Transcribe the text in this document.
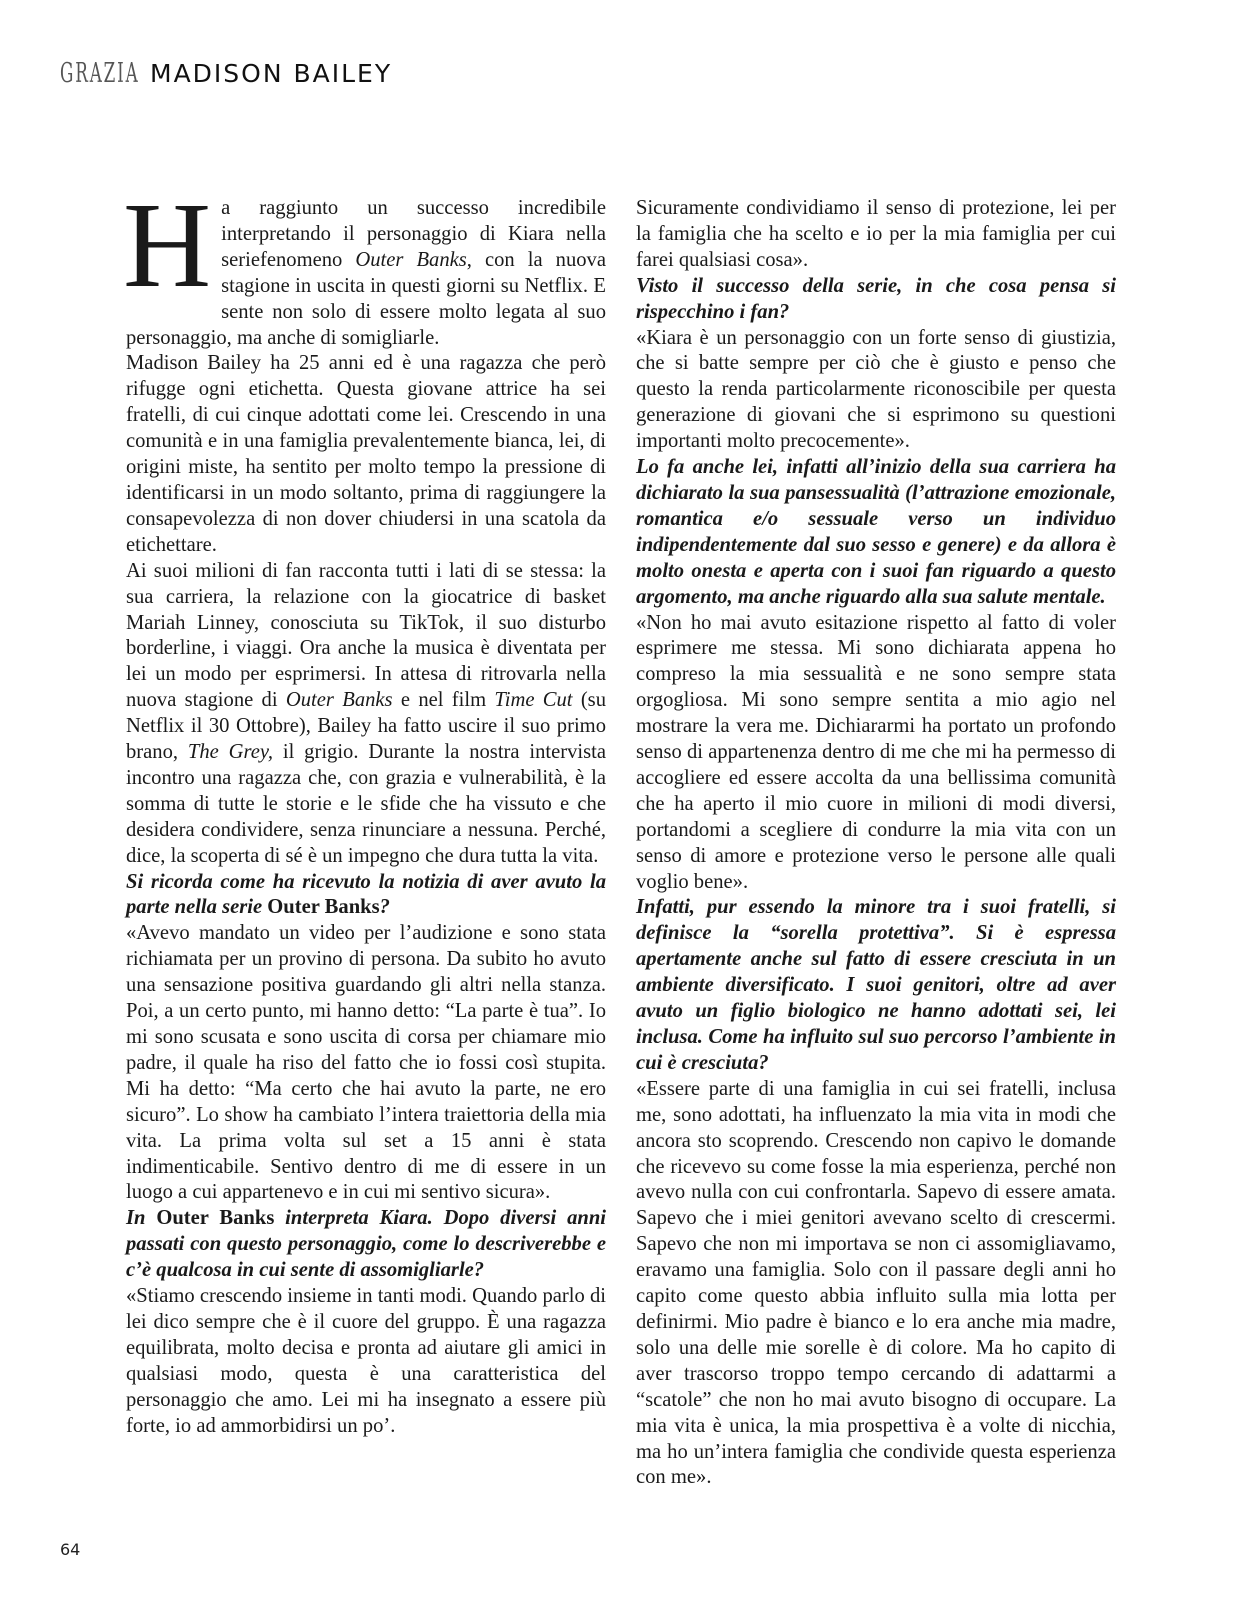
GRAZIA MADISON BAILEY

Ha raggiunto un successo incredibile interpretando il personaggio di Kiara nella seriefenomeno Outer Banks, con la nuova stagione in uscita in questi giorni su Netflix. E sente non solo di essere molto legata al suo personaggio, ma anche di somigliarle.

Madison Bailey ha 25 anni ed è una ragazza che però rifugge ogni etichetta. Questa giovane attrice ha sei fratelli, di cui cinque adottati come lei. Crescendo in una comunità e in una famiglia prevalentemente bianca, lei, di origini miste, ha sentito per molto tempo la pressione di identificarsi in un modo soltanto, prima di raggiungere la consapevolezza di non dover chiudersi in una scatola da etichettare.

Ai suoi milioni di fan racconta tutti i lati di se stessa: la sua carriera, la relazione con la giocatrice di basket Mariah Linney, conosciuta su TikTok, il suo disturbo borderline, i viaggi. Ora anche la musica è diventata per lei un modo per esprimersi. In attesa di ritrovarla nella nuova stagione di Outer Banks e nel film Time Cut (su Netflix il 30 Ottobre), Bailey ha fatto uscire il suo primo brano, The Grey, il grigio. Durante la nostra intervista incontro una ragazza che, con grazia e vulnerabilità, è la somma di tutte le storie e le sfide che ha vissuto e che desidera condividere, senza rinunciare a nessuna. Perché, dice, la scoperta di sé è un impegno che dura tutta la vita.

Si ricorda come ha ricevuto la notizia di aver avuto la parte nella serie Outer Banks?

«Avevo mandato un video per l’audizione e sono stata richiamata per un provino di persona. Da subito ho avuto una sensazione positiva guardando gli altri nella stanza. Poi, a un certo punto, mi hanno detto: “La parte è tua”. Io mi sono scusata e sono uscita di corsa per chiamare mio padre, il quale ha riso del fatto che io fossi così stupita. Mi ha detto: “Ma certo che hai avuto la parte, ne ero sicuro”. Lo show ha cambiato l’intera traiettoria della mia vita. La prima volta sul set a 15 anni è stata indimenticabile. Sentivo dentro di me di essere in un luogo a cui appartenevo e in cui mi sentivo sicura».

In Outer Banks interpreta Kiara. Dopo diversi anni passati con questo personaggio, come lo descriverebbe e c’è qualcosa in cui sente di assomigliarle?

«Stiamo crescendo insieme in tanti modi. Quando parlo di lei dico sempre che è il cuore del gruppo. È una ragazza equilibrata, molto decisa e pronta ad aiutare gli amici in qualsiasi modo, questa è una caratteristica del personaggio che amo. Lei mi ha insegnato a essere più forte, io ad ammorbidirsi un po’.

Sicuramente condividiamo il senso di protezione, lei per la famiglia che ha scelto e io per la mia famiglia per cui farei qualsiasi cosa».

Visto il successo della serie, in che cosa pensa si rispecchino i fan?

«Kiara è un personaggio con un forte senso di giustizia, che si batte sempre per ciò che è giusto e penso che questo la renda particolarmente riconoscibile per questa generazione di giovani che si esprimono su questioni importanti molto precocemente».

Lo fa anche lei, infatti all’inizio della sua carriera ha dichiarato la sua pansessualità (l’attrazione emozionale, romantica e/o sessuale verso un individuo indipendentemente dal suo sesso e genere) e da allora è molto onesta e aperta con i suoi fan riguardo a questo argomento, ma anche riguardo alla sua salute mentale.

«Non ho mai avuto esitazione rispetto al fatto di voler esprimere me stessa. Mi sono dichiarata appena ho compreso la mia sessualità e ne sono sempre stata orgogliosa. Mi sono sempre sentita a mio agio nel mostrare la vera me. Dichiararmi ha portato un profondo senso di appartenenza dentro di me che mi ha permesso di accogliere ed essere accolta da una bellissima comunità che ha aperto il mio cuore in milioni di modi diversi, portandomi a scegliere di condurre la mia vita con un senso di amore e protezione verso le persone alle quali voglio bene».

Infatti, pur essendo la minore tra i suoi fratelli, si definisce la “sorella protettiva”. Si è espressa apertamente anche sul fatto di essere cresciuta in un ambiente diversificato. I suoi genitori, oltre ad aver avuto un figlio biologico ne hanno adottati sei, lei inclusa. Come ha influito sul suo percorso l’ambiente in cui è cresciuta?

«Essere parte di una famiglia in cui sei fratelli, inclusa me, sono adottati, ha influenzato la mia vita in modi che ancora sto scoprendo. Crescendo non capivo le domande che ricevevo su come fosse la mia esperienza, perché non avevo nulla con cui confrontarla. Sapevo di essere amata. Sapevo che i miei genitori avevano scelto di crescermi. Sapevo che non mi importava se non ci assomigliavamo, eravamo una famiglia. Solo con il passare degli anni ho capito come questo abbia influito sulla mia lotta per definirmi. Mio padre è bianco e lo era anche mia madre, solo una delle mie sorelle è di colore. Ma ho capito di aver trascorso troppo tempo cercando di adattarmi a “scatole” che non ho mai avuto bisogno di occupare. La mia vita è unica, la mia prospettiva è a volte di nicchia, ma ho un’intera famiglia che condivide questa esperienza con me».

64
